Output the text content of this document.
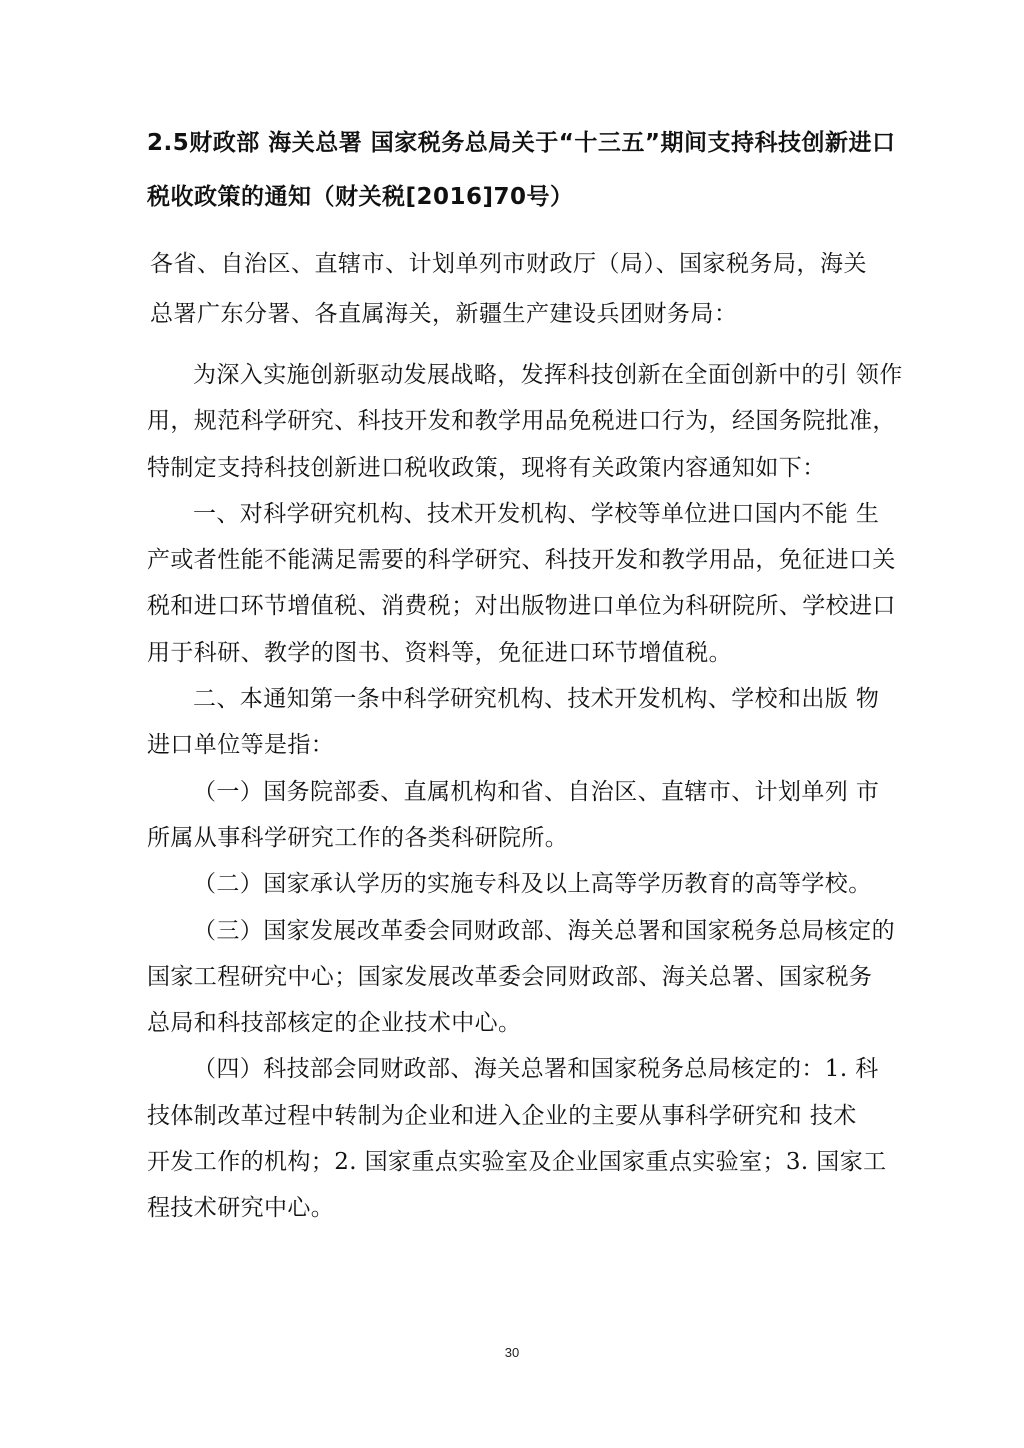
2.5财政部 海关总署 国家税务总局关于“十三五”期间支持科技创新进口
税收政策的通知（财关税[2016]70号）
各省、自治区、直辖市、计划单列市财政厅（局）、国家税务局，海关
总署广东分署、各直属海关，新疆生产建设兵团财务局：
为深入实施创新驱动发展战略，发挥科技创新在全面创新中的引 领作
用，规范科学研究、科技开发和教学用品免税进口行为，经国务院批准，
特制定支持科技创新进口税收政策，现将有关政策内容通知如下：
一、对科学研究机构、技术开发机构、学校等单位进口国内不能 生
产或者性能不能满足需要的科学研究、科技开发和教学用品，免征进口关
税和进口环节增值税、消费税；对出版物进口单位为科研院所、学校进口
用于科研、教学的图书、资料等，免征进口环节增值税。
二、本通知第一条中科学研究机构、技术开发机构、学校和出版 物
进口单位等是指：
（一）国务院部委、直属机构和省、自治区、直辖市、计划单列 市
所属从事科学研究工作的各类科研院所。
（二）国家承认学历的实施专科及以上高等学历教育的高等学校。
（三）国家发展改革委会同财政部、海关总署和国家税务总局核定的
国家工程研究中心；国家发展改革委会同财政部、海关总署、国家税务
总局和科技部核定的企业技术中心。
（四）科技部会同财政部、海关总署和国家税务总局核定的：1. 科
技体制改革过程中转制为企业和进入企业的主要从事科学研究和 技术
开发工作的机构；2. 国家重点实验室及企业国家重点实验室；3. 国家工
程技术研究中心。
30
